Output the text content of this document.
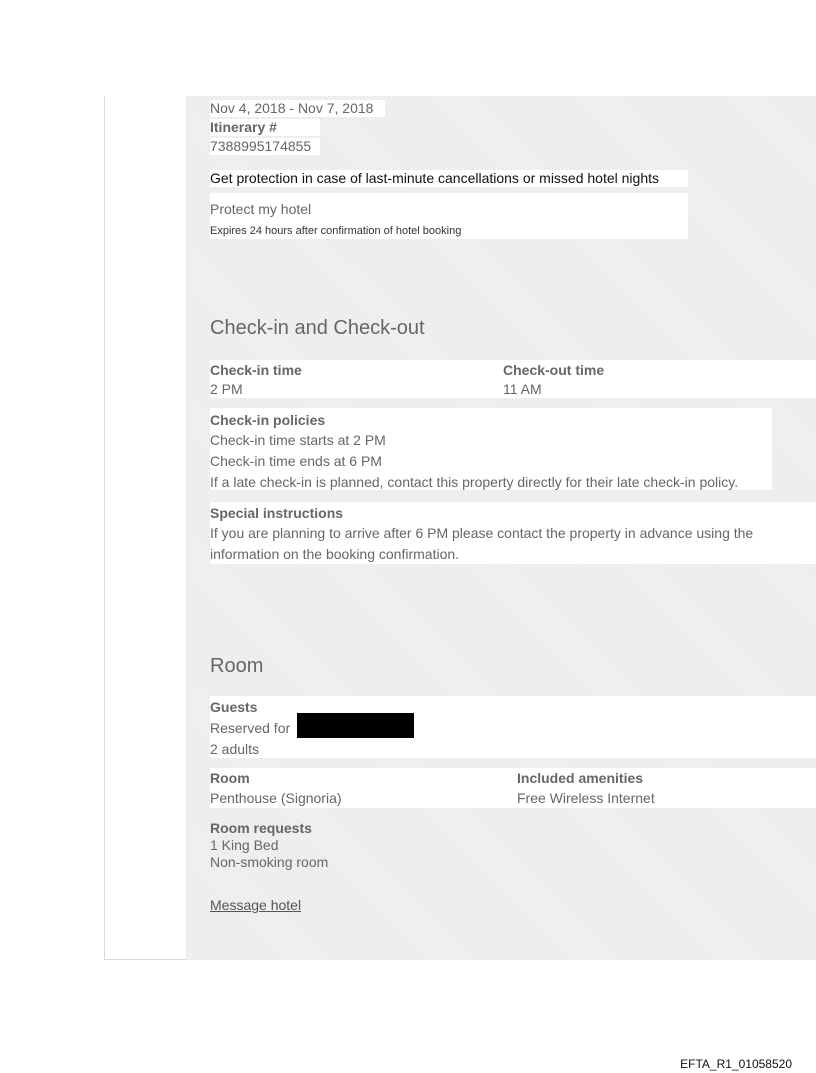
Nov 4, 2018 - Nov 7, 2018
Itinerary #
7388995174855
Get protection in case of last-minute cancellations or missed hotel nights
Protect my hotel
Expires 24 hours after confirmation of hotel booking
Check-in and Check-out
Check-in time
2 PM
Check-out time
11 AM
Check-in policies
Check-in time starts at 2 PM
Check-in time ends at 6 PM
If a late check-in is planned, contact this property directly for their late check-in policy.
Special instructions
If you are planning to arrive after 6 PM please contact the property in advance using the
information on the booking confirmation.
Room
Guests
Reserved for
2 adults
Room
Penthouse (Signoria)
Included amenities
Free Wireless Internet
Room requests
1 King Bed
Non-smoking room
Message hotel
EFTA_R1_01058520
